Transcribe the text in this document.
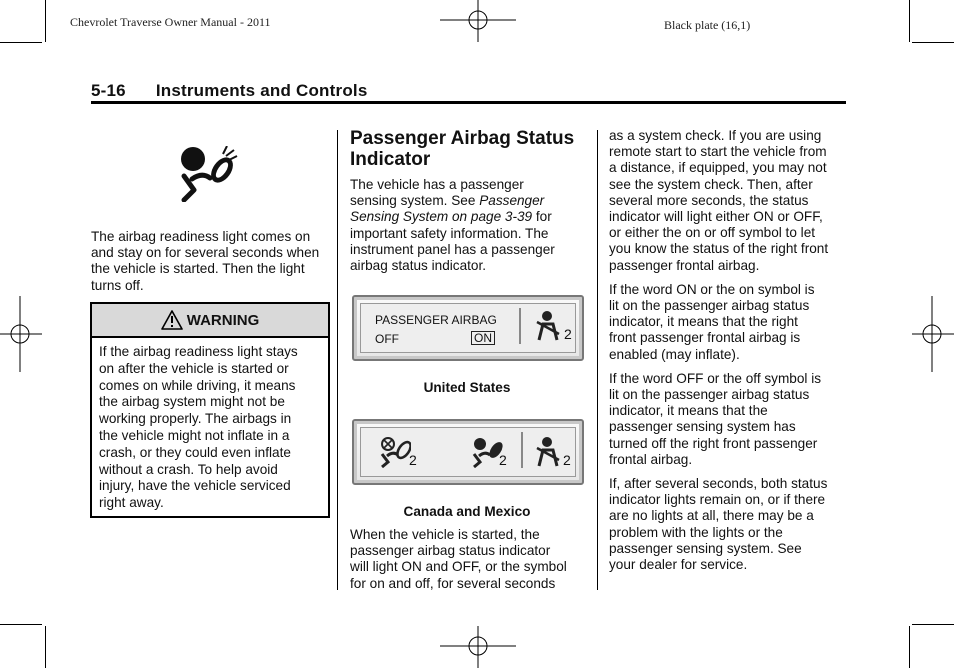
Chevrolet Traverse Owner Manual - 2011	Black plate (16,1)
5-16 Instruments and Controls

The airbag readiness light comes on and stay on for several seconds when the vehicle is started. Then the light turns off.

WARNING
If the airbag readiness light stays
on after the vehicle is started or
comes on while driving, it means
the airbag system might not be
working properly. The airbags in
the vehicle might not inflate in a
crash, or they could even inflate
without a crash. To help avoid
injury, have the vehicle serviced
right away.
Passenger Airbag Status Indicator
The vehicle has a passenger
sensing system. See Passenger Sensing System on page 3-39 for
important safety information. The
instrument panel has a passenger
airbag status indicator.
PASSENGER AIRBAG
OFF	ON	2
United States
2	2	2
Canada and Mexico
When the vehicle is started, the
passenger airbag status indicator
will light ON and OFF, or the symbol
for on and off, for several seconds

as a system check. If you are using
remote start to start the vehicle from
a distance, if equipped, you may not
see the system check. Then, after
several more seconds, the status
indicator will light either ON or OFF,
or either the on or off symbol to let
you know the status of the right front
passenger frontal airbag.

If the word ON or the on symbol is
lit on the passenger airbag status
indicator, it means that the right
front passenger frontal airbag is
enabled (may inflate).

If the word OFF or the off symbol is
lit on the passenger airbag status
indicator, it means that the
passenger sensing system has
turned off the right front passenger
frontal airbag.

If, after several seconds, both status
indicator lights remain on, or if there
are no lights at all, there may be a
problem with the lights or the
passenger sensing system. See
your dealer for service.
